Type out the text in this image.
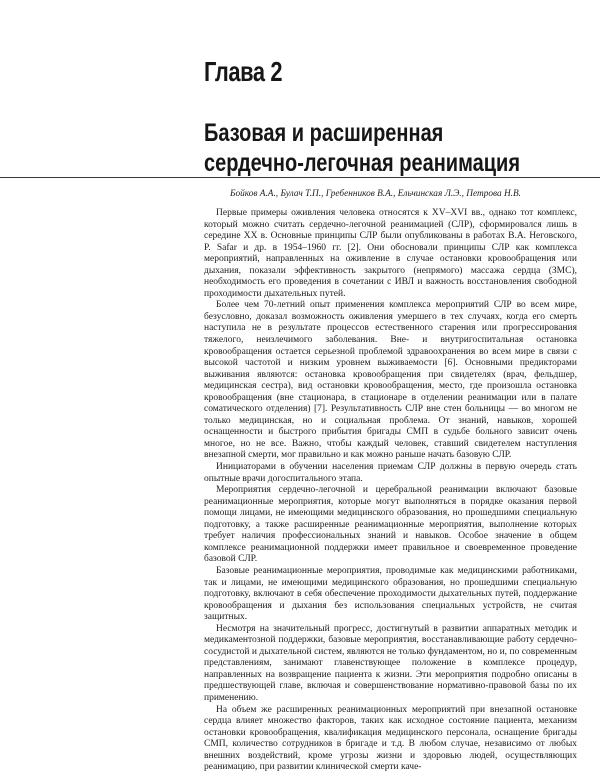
Глава 2
Базовая и расширенная
сердечно-легочная реанимация
Бойков А.А., Булач Т.П., Гребенников В.А., Ельчинская Л.Э., Петрова Н.В.

Первые примеры оживления человека относятся к XV–XVI вв., однако тот комплекс, который можно считать сердечно-легочной реанимацией (СЛР), сформировался лишь в середине XX в. Основные принципы СЛР были опубликованы в работах В.А. Неговского, P. Safar и др. в 1954–1960 гг. [2]. Они обосновали принципы СЛР как комплекса мероприятий, направленных на оживление в случае остановки кровообращения или дыхания, показали эффективность закрытого (непрямого) массажа сердца (ЗМС), необходимость его проведения в сочетании с ИВЛ и важность восстановления свободной проходимости дыхательных путей.

Более чем 70-летний опыт применения комплекса мероприятий СЛР во всем мире, безусловно, доказал возможность оживления умершего в тех случаях, когда его смерть наступила не в результате процессов естественного старения или прогрессирования тяжелого, неизлечимого заболевания. Вне- и внутригоспитальная остановка кровообращения остается серьезной проблемой здравоохранения во всем мире в связи с высокой частотой и низким уровнем выживаемости [6]. Основными предикторами выживания являются: остановка кровообращения при свидетелях (врач, фельдшер, медицинская сестра), вид остановки кровообращения, место, где произошла остановка кровообращения (вне стационара, в стационаре в отделении реанимации или в палате соматического отделения) [7]. Результативность СЛР вне стен больницы — во многом не только медицинская, но и социальная проблема. От знаний, навыков, хорошей оснащенности и быстрого прибытия бригады СМП в судьбе больного зависит очень многое, но не все. Важно, чтобы каждый человек, ставший свидетелем наступления внезапной смерти, мог правильно и как можно раньше начать базовую СЛР.

Инициаторами в обучении населения приемам СЛР должны в первую очередь стать опытные врачи догоспитального этапа.

Мероприятия сердечно-легочной и церебральной реанимации включают базовые реанимационные мероприятия, которые могут выполняться в порядке оказания первой помощи лицами, не имеющими медицинского образования, но прошедшими специальную подготовку, а также расширенные реанимационные мероприятия, выполнение которых требует наличия профессиональных знаний и навыков. Особое значение в общем комплексе реанимационной поддержки имеет правильное и своевременное проведение базовой СЛР.

Базовые реанимационные мероприятия, проводимые как медицинскими работниками, так и лицами, не имеющими медицинского образования, но прошедшими специальную подготовку, включают в себя обеспечение проходимости дыхательных путей, поддержание кровообращения и дыхания без использования специальных устройств, не считая защитных.

Несмотря на значительный прогресс, достигнутый в развитии аппаратных методик и медикаментозной поддержки, базовые мероприятия, восстанавливающие работу сердечно-сосудистой и дыхательной систем, являются не только фундаментом, но и, по современным представлениям, занимают главенствующее положение в комплексе процедур, направленных на возвращение пациента к жизни. Эти мероприятия подробно описаны в предшествующей главе, включая и совершенствование нормативно-правовой базы по их применению.

На объем же расширенных реанимационных мероприятий при внезапной остановке сердца влияет множество факторов, таких как исходное состояние пациента, механизм остановки кровообращения, квалификация медицинского персонала, оснащение бригады СМП, количество сотрудников в бригаде и т.д. В любом случае, независимо от любых внешних воздействий, кроме угрозы жизни и здоровью людей, осуществляющих реанимацию, при развитии клинической смерти каче-
